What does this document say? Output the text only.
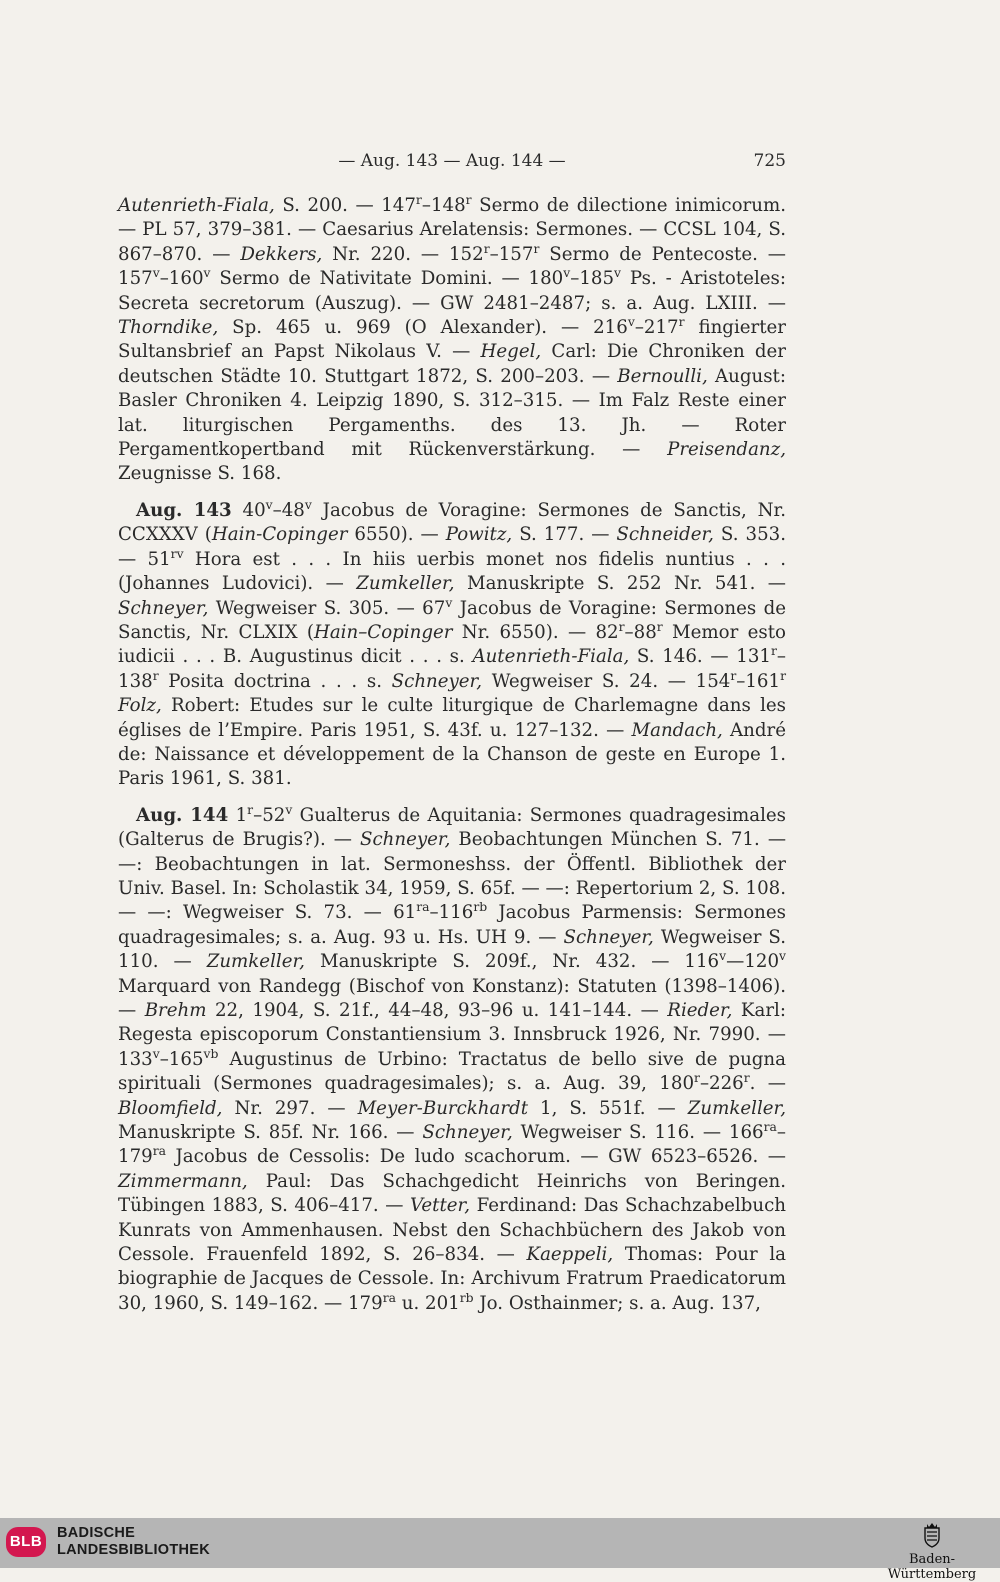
— Aug. 143 — Aug. 144 —	725

Autenrieth-Fiala, S. 200. — 147$^r$–148$^r$ Sermo de dilectione inimicorum. — PL 57, 379–381. — Caesarius Arelatensis: Sermones. — CCSL 104, S. 867–870. — Dekkers, Nr. 220. — 152$^r$–157$^r$ Sermo de Pentecoste. — 157$^v$–160$^v$ Sermo de Nativitate Domini. — 180$^v$–185$^v$ Ps. - Aristoteles: Secreta secretorum (Auszug). — GW 2481–2487; s. a. Aug. LXIII. — Thorndike, Sp. 465 u. 969 (O Alexander). — 216$^v$–217$^r$ fingierter Sultansbrief an Papst Nikolaus V. — Hegel, Carl: Die Chroniken der deutschen Städte 10. Stuttgart 1872, S. 200–203. — Bernoulli, August: Basler Chroniken 4. Leipzig 1890, S. 312–315. — Im Falz Reste einer lat. liturgischen Pergamenths. des 13. Jh. — Roter Pergamentkopertband mit Rückenverstärkung. — Preisendanz, Zeugnisse S. 168.

Aug. 143 40$^v$–48$^v$ Jacobus de Voragine: Sermones de Sanctis, Nr. CCXXXV (Hain-Copinger 6550). — Powitz, S. 177. — Schneider, S. 353. — $51^{rv}$ Hora est . . . In hiis uerbis monet nos fidelis nuntius . . . (Johannes Ludovici). — Zumkeller, Manuskripte S. 252 Nr. 541. — Schneyer, Wegweiser S. 305. — 67$^v$ Jacobus de Voragine: Sermones de Sanctis, Nr. CLXIX (Hain–Copinger Nr. 6550). — 82$^r$–88$^r$ Memor esto iudicii . . . B. Augustinus dicit . . . s. Autenrieth-Fiala, S. 146. — 131$^r$–138$^r$ Posita doctrina . . . s. Schneyer, Wegweiser S. 24. — 154$^r$–161$^r$ Folz, Robert: Etudes sur le culte liturgique de Charlemagne dans les églises de l’Empire. Paris 1951, S. 43f. u. 127–132. — Mandach, André de: Naissance et développement de la Chanson de geste en Europe 1. Paris 1961, S. 381.

Aug. 144 1$^r$–52$^v$ Gualterus de Aquitania: Sermones quadragesimales (Galterus de Brugis?). — Schneyer, Beobachtungen München S. 71. — —: Beobachtungen in lat. Sermoneshss. der Öffentl. Bibliothek der Univ. Basel. In: Scholastik 34, 1959, S. 65f. — —: Repertorium 2, S. 108. — —: Wegweiser S. 73. — $61^{ra}-116^{rb}$ Jacobus Parmensis: Sermones quadragesimales; s. a. Aug. 93 u. Hs. UH 9. — Schneyer, Wegweiser S. 110. — Zumkeller, Manuskripte S. 209f., Nr. 432. — 116$^v$—120$^v$ Marquard von Randegg (Bischof von Konstanz): Statuten (1398–1406). — Brehm 22, 1904, S. 21f., 44–48, 93–96 u. 141–144. — Rieder, Karl: Regesta episcoporum Constantiensium 3. Innsbruck 1926, Nr. 7990. — $133^v-165^{vb}$ Augustinus de Urbino: Tractatus de bello sive de pugna spirituali (Sermones quadragesimales); s. a. Aug. 39, 180$^r$–226$^r$. — Bloomfield, Nr. 297. — Meyer-Burckhardt 1, S. 551f. — Zumkeller, Manuskripte S. 85f. Nr. 166. — Schneyer, Wegweiser S. 116. — $166^{ra}-179^{ra}$ Jacobus de Cessolis: De ludo scachorum. — GW 6523–6526. — Zimmermann, Paul: Das Schachgedicht Heinrichs von Beringen. Tübingen 1883, S. 406–417. — Vetter, Ferdinand: Das Schachzabelbuch Kunrats von Ammenhausen. Nebst den Schachbüchern des Jakob von Cessole. Frauenfeld 1892, S. 26–834. — Kaeppeli, Thomas: Pour la biographie de Jacques de Cessole. In: Archivum Fratrum Praedicatorum 30, 1960, S. 149–162. — $179^{ra}$ u. $201^{rb}$ Jo. Osthainmer; s. a. Aug. 137,

BLB BADISCHE
LANDESBIBLIOTHEK
Baden-Württemberg
